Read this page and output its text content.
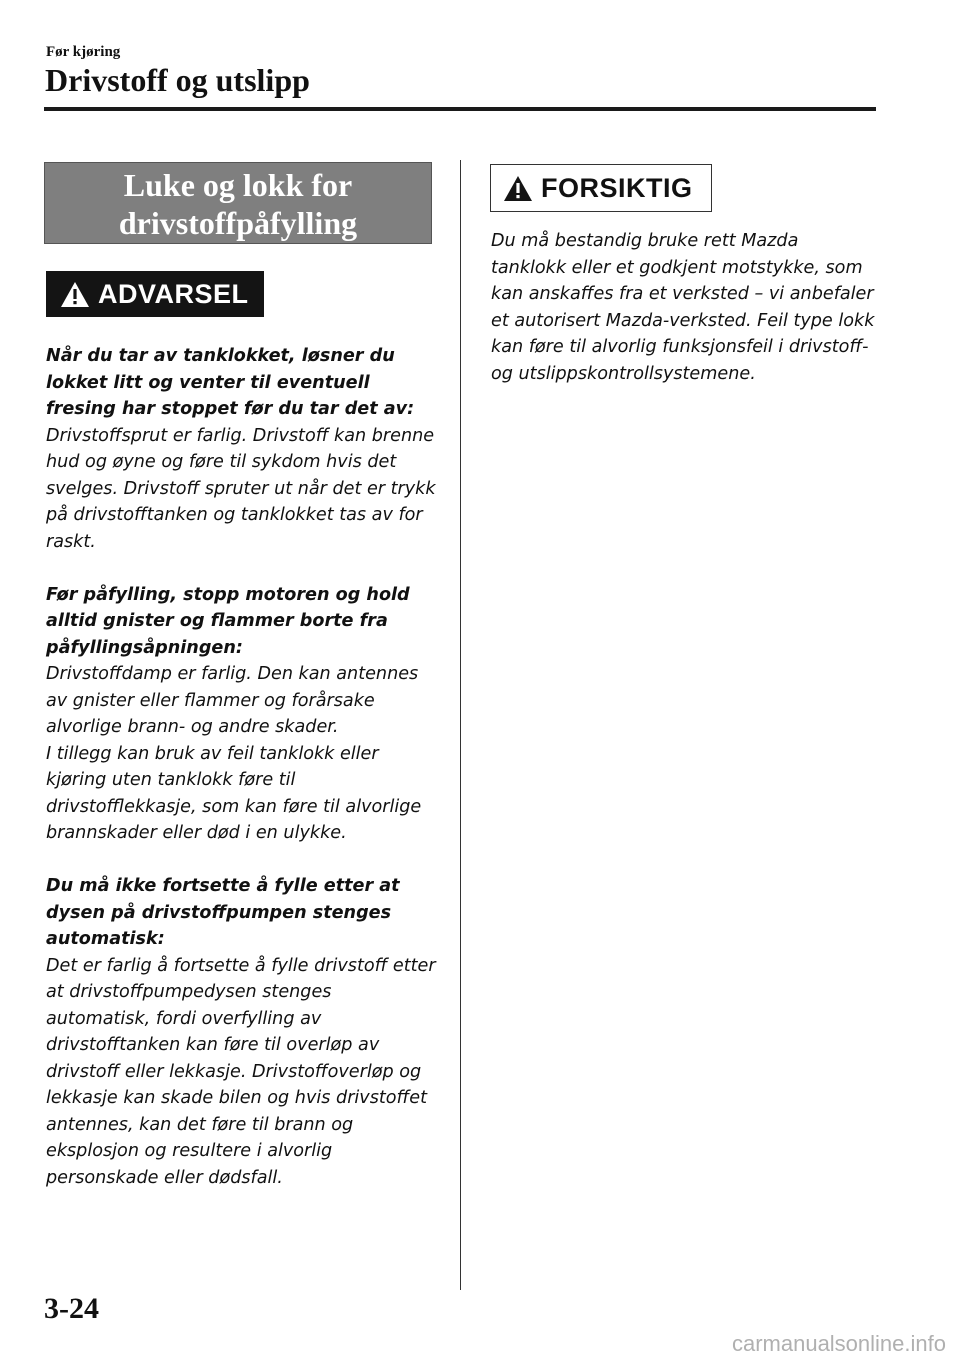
Før kjøring
Drivstoff og utslipp
Luke og lokk for
drivstoffpåfylling
ADVARSEL

Når du tar av tanklokket, løsner du lokket litt og venter til eventuell fresing har stoppet før du tar det av:
Drivstoffsprut er farlig. Drivstoff kan brenne hud og øyne og føre til sykdom hvis det svelges. Drivstoff spruter ut når det er trykk på drivstofftanken og tanklokket tas av for raskt.

Før påfylling, stopp motoren og hold alltid gnister og flammer borte fra påfyllingsåpningen:
Drivstoffdamp er farlig. Den kan antennes av gnister eller flammer og forårsake alvorlige brann- og andre skader.
I tillegg kan bruk av feil tanklokk eller kjøring uten tanklokk føre til drivstofflekkasje, som kan føre til alvorlige brannskader eller død i en ulykke.

Du må ikke fortsette å fylle etter at dysen på drivstoffpumpen stenges automatisk:
Det er farlig å fortsette å fylle drivstoff etter at drivstoffpumpedysen stenges automatisk, fordi overfylling av drivstofftanken kan føre til overløp av drivstoff eller lekkasje. Drivstoffoverløp og lekkasje kan skade bilen og hvis drivstoffet antennes, kan det føre til brann og eksplosjon og resultere i alvorlig personskade eller dødsfall.

FORSIKTIG

Du må bestandig bruke rett Mazda tanklokk eller et godkjent motstykke, som kan anskaffes fra et verksted – vi anbefaler et autorisert Mazda-verksted. Feil type lokk kan føre til alvorlig funksjonsfeil i drivstoff- og utslippskontrollsystemene.

3-24
carmanualsonline.info
